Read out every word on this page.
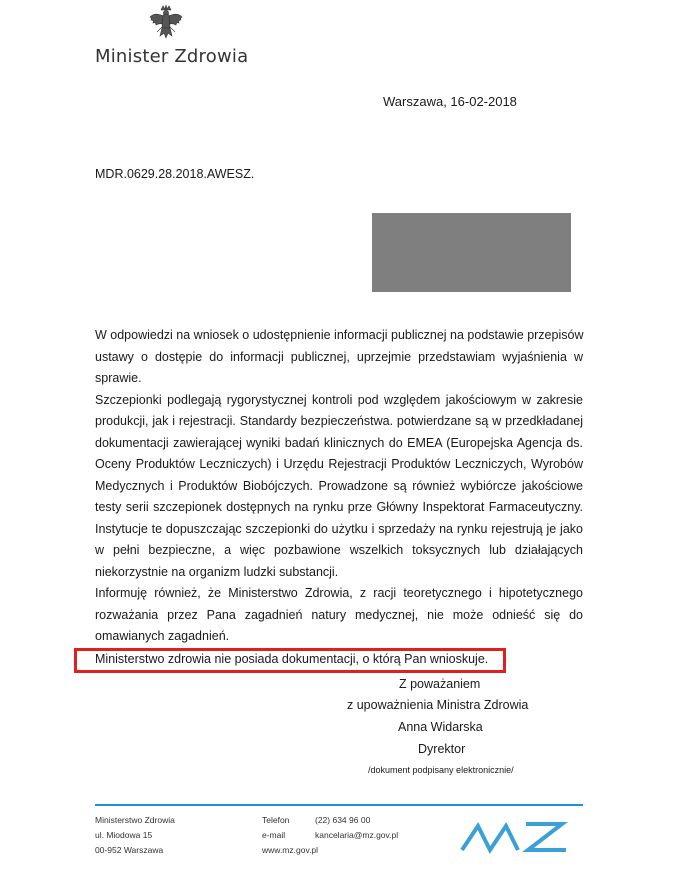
Minister Zdrowia
Warszawa, 16-02-2018
MDR.0629.28.2018.AWESZ.
W odpowiedzi na wniosek o udostępnienie informacji publicznej na podstawie przepisów
ustawy o dostępie do informacji publicznej, uprzejmie przedstawiam wyjaśnienia w
sprawie.
Szczepionki podlegają rygorystycznej kontroli pod względem jakościowym w zakresie
produkcji, jak i rejestracji. Standardy bezpieczeństwa. potwierdzane są w przedkładanej
dokumentacji zawierającej wyniki badań klinicznych do EMEA (Europejska Agencja ds.
Oceny Produktów Leczniczych) i Urzędu Rejestracji Produktów Leczniczych, Wyrobów
Medycznych i Produktów Biobójczych. Prowadzone są również wybiórcze jakościowe
testy serii szczepionek dostępnych na rynku prze Główny Inspektorat Farmaceutyczny.
Instytucje te dopuszczając szczepionki do użytku i sprzedaży na rynku rejestrują je jako
w pełni bezpieczne, a więc pozbawione wszelkich toksycznych lub działających
niekorzystnie na organizm ludzki substancji.
Informuję również, że Ministerstwo Zdrowia, z racji teoretycznego i hipotetycznego
rozważania przez Pana zagadnień natury medycznej, nie może odnieść się do
omawianych zagadnień.
Ministerstwo zdrowia nie posiada dokumentacji, o którą Pan wnioskuje.
Z poważaniem
z upoważnienia Ministra Zdrowia
Anna Widarska
Dyrektor
/dokument podpisany elektronicznie/
Ministerstwo Zdrowia
ul. Miodowa 15
00-952 Warszawa
Telefon	(22) 634 96 00
e-mail	kancelaria@mz.gov.pl
www.mz.gov.pl
